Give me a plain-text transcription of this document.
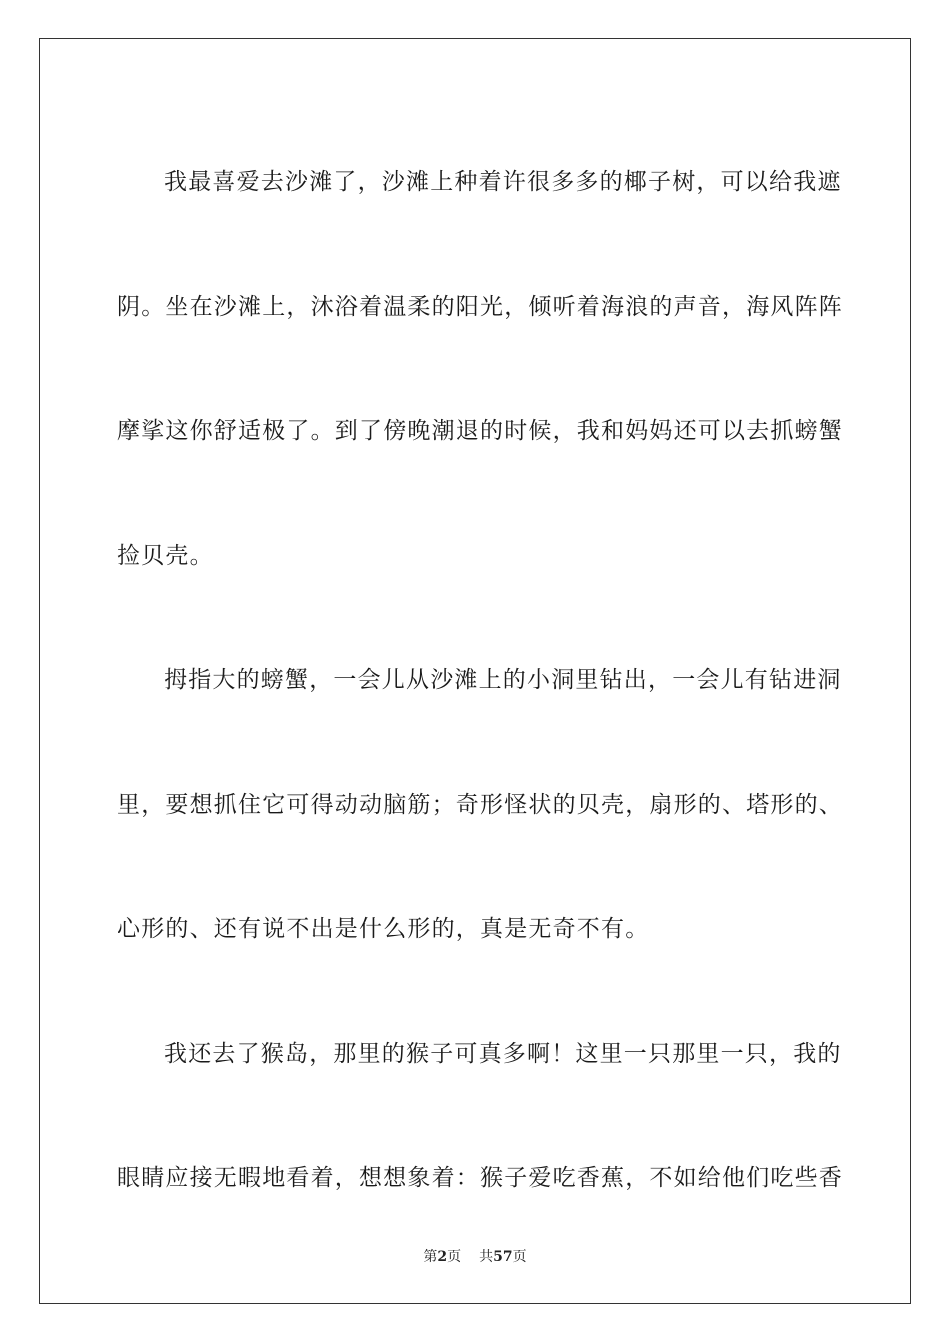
我最喜爱去沙滩了，沙滩上种着许很多多的椰子树，可以给我遮
阴。坐在沙滩上，沐浴着温柔的阳光，倾听着海浪的声音，海风阵阵
摩挲这你舒适极了。到了傍晚潮退的时候，我和妈妈还可以去抓螃蟹
捡贝壳。
拇指大的螃蟹，一会儿从沙滩上的小洞里钻出，一会儿有钻进洞
里，要想抓住它可得动动脑筋；奇形怪状的贝壳，扇形的、塔形的、
心形的、还有说不出是什么形的，真是无奇不有。
我还去了猴岛，那里的猴子可真多啊！这里一只那里一只，我的
眼睛应接无暇地看着，想想象着：猴子爱吃香蕉，不如给他们吃些香
第2页 共57页
